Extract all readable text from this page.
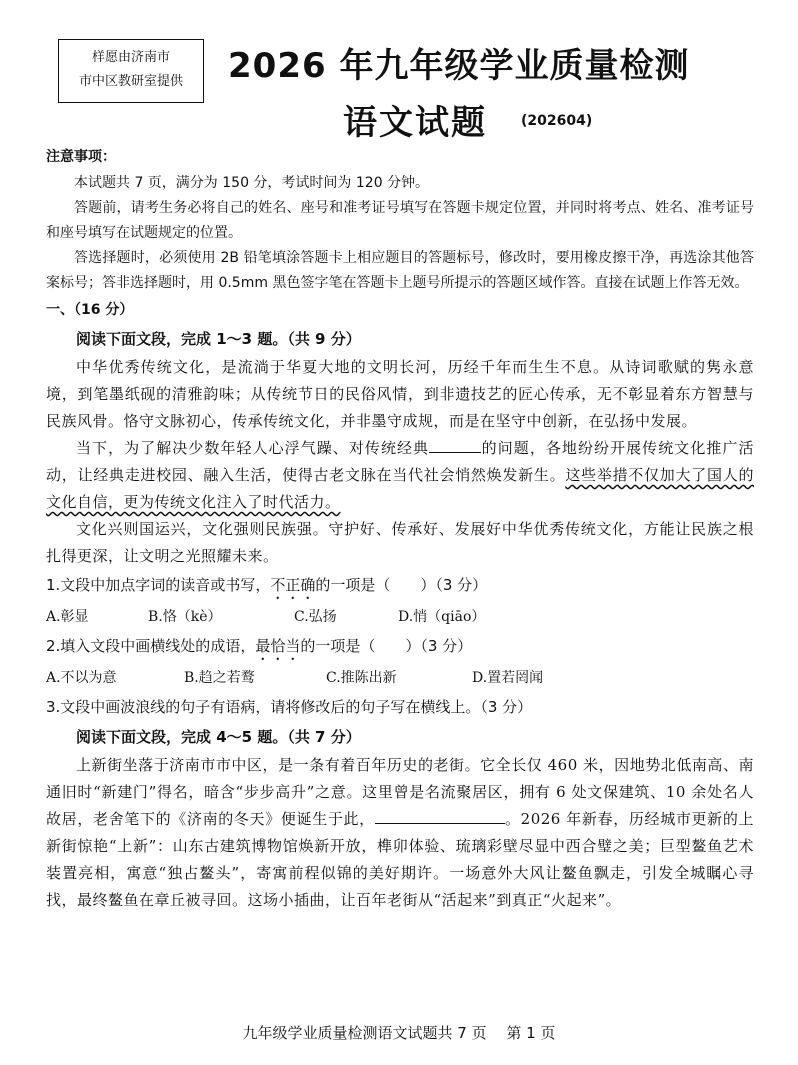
样愿由济南市
市中区教研室提供	2026 年九年级学业质量检测
语文试题 (202604)

注意事项：

本试题共 7 页，满分为 150 分，考试时间为 120 分钟。

答题前，请考生务必将自己的姓名、座号和准考证号填写在答题卡规定位置，并同时将考点、姓名、准考证号和座号填写在试题规定的位置。

答选择题时，必须使用 2B 铅笔填涂答题卡上相应题目的答题标号，修改时，要用橡皮擦干净，再选涂其他答案标号；答非选择题时，用 0.5mm 黑色签字笔在答题卡上题号所提示的答题区域作答。直接在试题上作答无效。

一、（16 分）

阅读下面文段，完成 1～3 题。（共 9 分）

中华优秀传统文化，是流淌于华夏大地的文明长河，历经千年而生生不息。从诗词歌赋的隽永意境，到笔墨纸砚的清雅韵味；从传统节日的民俗风情，到非遗技艺的匠心传承，无不彰显着东方智慧与民族风骨。恪守文脉初心，传承传统文化，并非墨守成规，而是在坚守中创新，在弘扬中发展。

当下，为了解决少数年轻人心浮气躁、对传统经典	的问题，各地纷纷开展传统文化推广活动，让经典走进校园、融入生活，使得古老文脉在当代社会悄然焕发新生。这些举措不仅加大了国人的文化自信，更为传统文化注入了时代活力。

文化兴则国运兴，文化强则民族强。守护好、传承好、发展好中华优秀传统文化，方能让民族之根扎得更深，让文明之光照耀未来。

1.文段中加点字词的读音或书写，不正确的一项是（　　）（3 分）

A.彰显	B.恪（kè）	C.弘扬	D.悄（qiāo）

2.填入文段中画横线处的成语，最恰当的一项是（　　）（3 分）

A.不以为意	B.趋之若鹜	C.推陈出新	D.置若罔闻

3.文段中画波浪线的句子有语病，请将修改后的句子写在横线上。（3 分）

阅读下面文段，完成 4～5 题。（共 7 分）

上新街坐落于济南市市中区，是一条有着百年历史的老街。它全长仅 460 米，因地势北低南高、南通旧时“新建门”得名，暗含“步步高升”之意。这里曾是名流聚居区，拥有 6 处文保建筑、10 余处名人故居，老舍笔下的《济南的冬天》便诞生于此，	。2026 年新春，历经城市更新的上新街惊艳“上新”：山东古建筑博物馆焕新开放，榫卯体验、琉璃彩壁尽显中西合璧之美；巨型鳌鱼艺术装置亮相，寓意“独占鳌头”，寄寓前程似锦的美好期许。一场意外大风让鳌鱼飘走，引发全城瞩心寻找，最终鳌鱼在章丘被寻回。这场小插曲，让百年老街从“活起来”到真正“火起来”。

九年级学业质量检测语文试题共 7 页　 第 1 页
